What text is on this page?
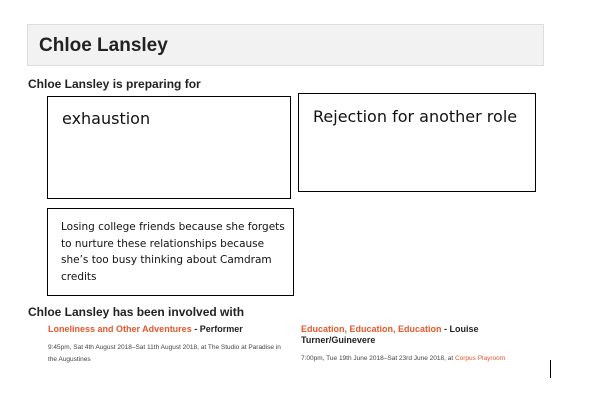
Chloe Lansley
Chloe Lansley is preparing for
exhaustion	Rejection for another role
Losing college friends because she forgets to nurture these relationships because she’s too busy thinking about Camdram credits
Chloe Lansley has been involved with
Loneliness and Other Adventures - Performer
9:45pm, Sat 4th August 2018–Sat 11th August 2018, at The Studio at Paradise in the Augustines
Education, Education, Education - Louise Turner/Guinevere
7:00pm, Tue 19th June 2018–Sat 23rd June 2018, at Corpus Playroom
